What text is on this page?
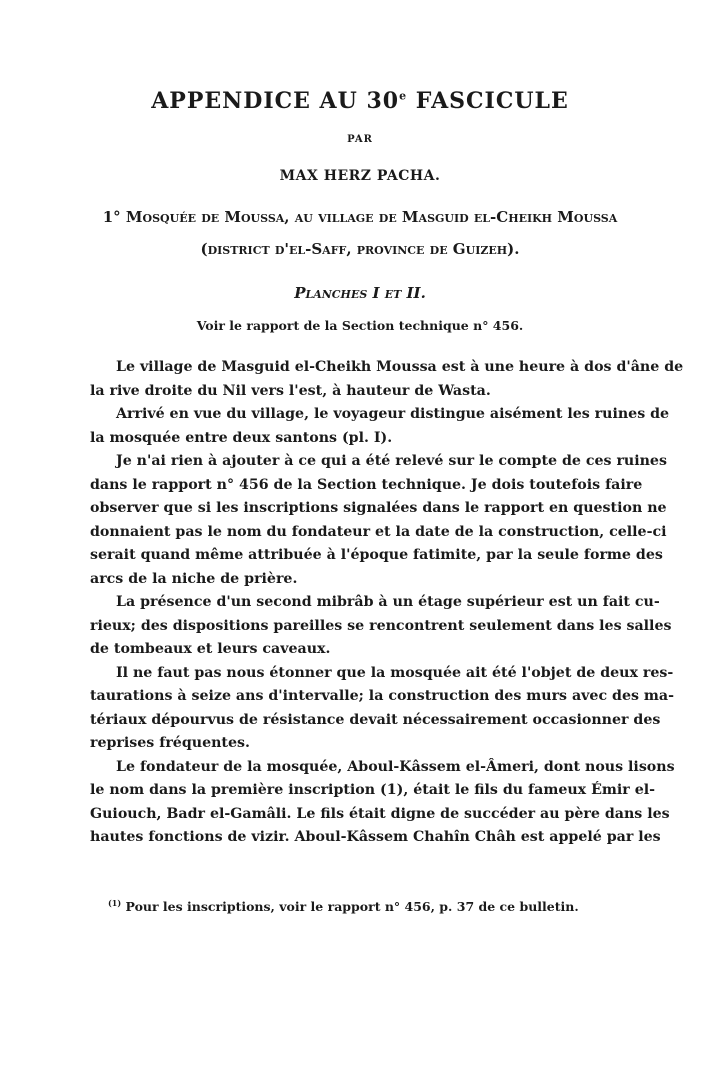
APPENDICE AU 30e FASCICULE
PAR
MAX HERZ PACHA.
1° Mosquée de Moussa, au village de Masguid el-Cheikh Moussa
(district d'el-Saff, province de Guizeh).
Planches I et II.
Voir le rapport de la Section technique n° 456.
Le village de Masguid el-Cheikh Moussa est à une heure à dos d'âne de
la rive droite du Nil vers l'est, à hauteur de Wasta.
Arrivé en vue du village, le voyageur distingue aisément les ruines de
la mosquée entre deux santons (pl. I).
Je n'ai rien à ajouter à ce qui a été relevé sur le compte de ces ruines
dans le rapport n° 456 de la Section technique. Je dois toutefois faire
observer que si les inscriptions signalées dans le rapport en question ne
donnaient pas le nom du fondateur et la date de la construction, celle-ci
serait quand même attribuée à l'époque fatimite, par la seule forme des
arcs de la niche de prière.
La présence d'un second mibrâb à un étage supérieur est un fait cu-
rieux; des dispositions pareilles se rencontrent seulement dans les salles
de tombeaux et leurs caveaux.
Il ne faut pas nous étonner que la mosquée ait été l'objet de deux res-
taurations à seize ans d'intervalle; la construction des murs avec des ma-
tériaux dépourvus de résistance devait nécessairement occasionner des
reprises fréquentes.
Le fondateur de la mosquée, Aboul-Kâssem el-Âmeri, dont nous lisons
le nom dans la première inscription (1), était le fils du fameux Émir el-
Guiouch, Badr el-Gamâli. Le fils était digne de succéder au père dans les
hautes fonctions de vizir. Aboul-Kâssem Chahîn Châh est appelé par les
$^{(1)}$ Pour les inscriptions, voir le rapport n° 456, p. 37 de ce bulletin.
